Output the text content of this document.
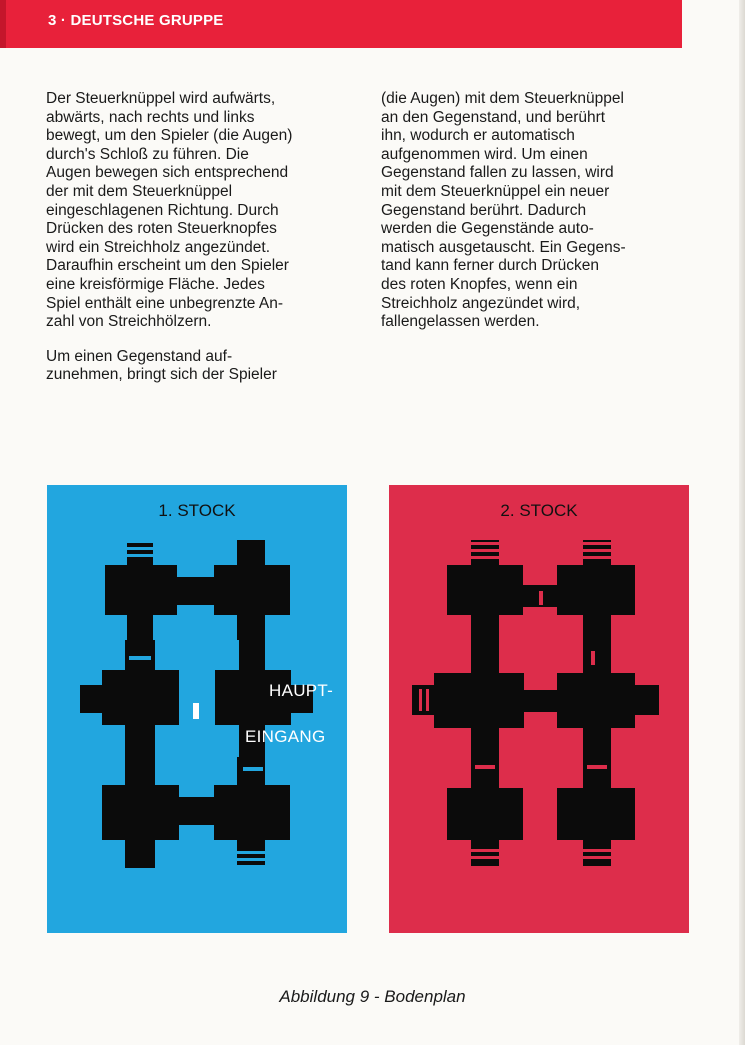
3 · DEUTSCHE GRUPPE

Der Steuerknüppel wird aufwärts,
abwärts, nach rechts und links
bewegt, um den Spieler (die Augen)
durch's Schloß zu führen. Die
Augen bewegen sich entsprechend
der mit dem Steuerknüppel
eingeschlagenen Richtung. Durch
Drücken des roten Steuerknopfes
wird ein Streichholz angezündet.
Daraufhin erscheint um den Spieler
eine kreisförmige Fläche. Jedes
Spiel enthält eine unbegrenzte An-
zahl von Streichhölzern.

Um einen Gegenstand auf-
zunehmen, bringt sich der Spieler

(die Augen) mit dem Steuerknüppel
an den Gegenstand, und berührt
ihn, wodurch er automatisch
aufgenommen wird. Um einen
Gegenstand fallen zu lassen, wird
mit dem Steuerknüppel ein neuer
Gegenstand berührt. Dadurch
werden die Gegenstände auto-
matisch ausgetauscht. Ein Gegens-
tand kann ferner durch Drücken
des roten Knopfes, wenn ein
Streichholz angezündet wird,
fallengelassen werden.

1. STOCK
HAUPT-
EINGANG
2. STOCK
Abbildung 9 - Bodenplan
